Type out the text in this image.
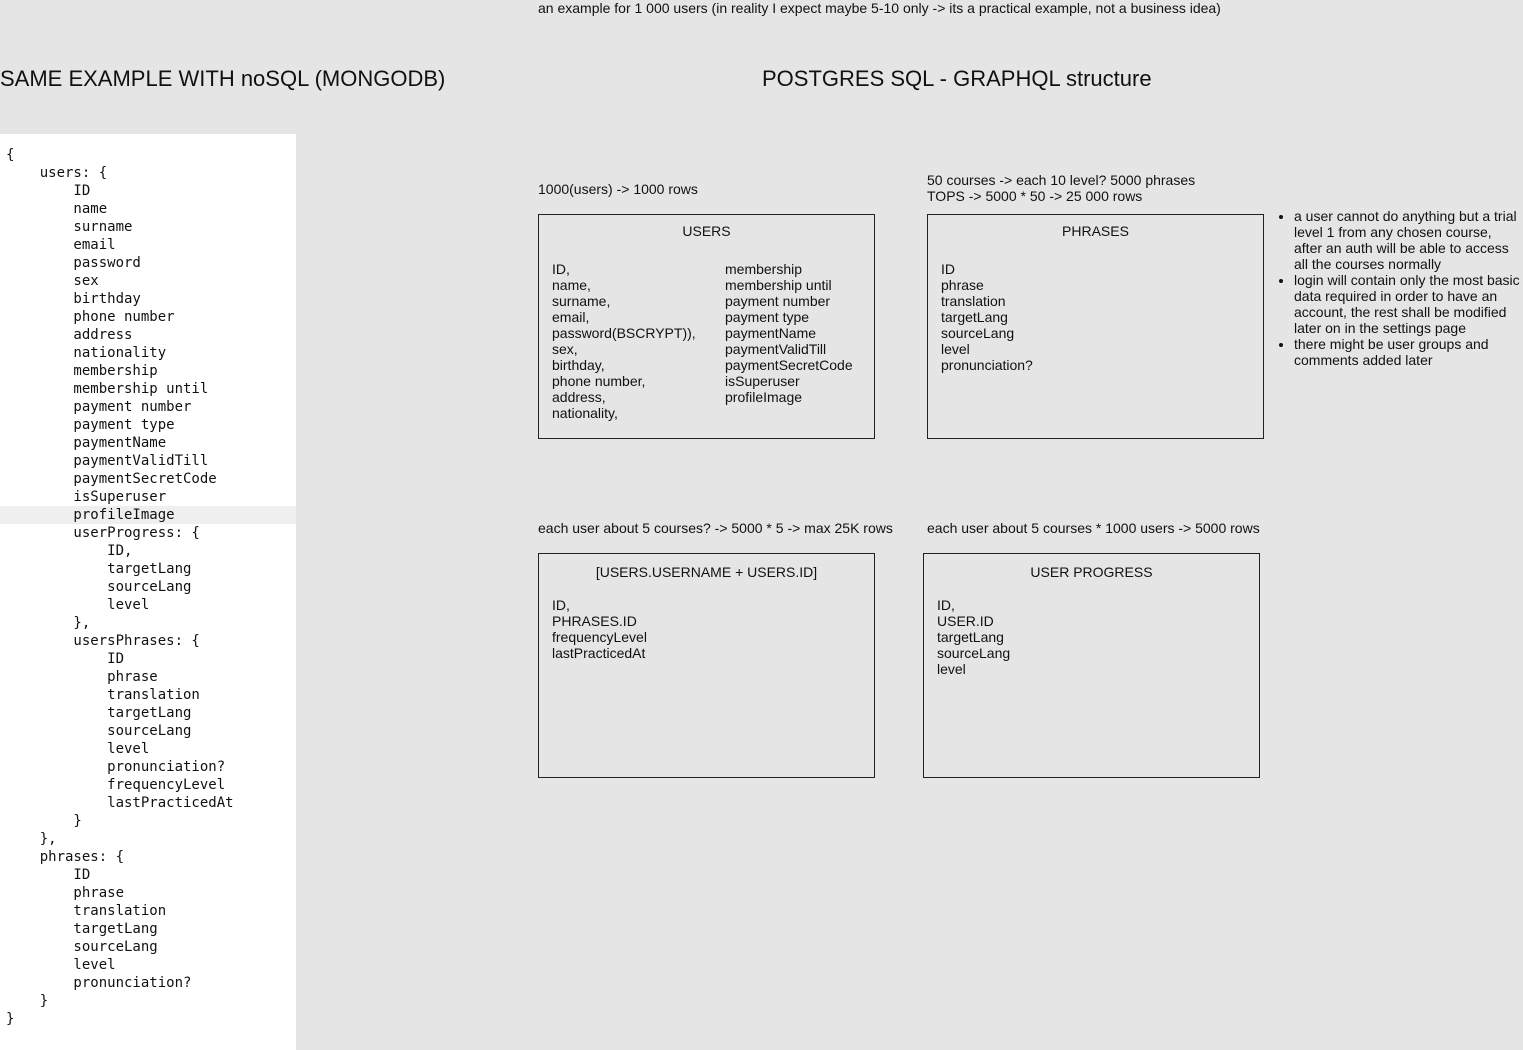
an example for 1 000 users (in reality I expect maybe 5-10 only -> its a practical example, not a business idea)
SAME EXAMPLE WITH noSQL (MONGODB)	POSTGRES SQL - GRAPHQL structure
{
users: {
ID
name
surname
email
password
sex
birthday
phone number
address
nationality
membership
membership until
payment number
payment type
paymentName
paymentValidTill
paymentSecretCode
isSuperuser
profileImage
userProgress: {
ID,
targetLang
sourceLang
level
},
usersPhrases: {
ID
phrase
translation
targetLang
sourceLang
level
pronunciation?
frequencyLevel
lastPracticedAt
}
},
phrases: {
ID
phrase
translation
targetLang
sourceLang
level
pronunciation?
}
}
1000(users) -> 1000 rows
USERS
ID,
name,
surname,
email,
password(BSCRYPT)),
sex,
birthday,
phone number,
address,
nationality,
membership
membership until
payment number
payment type
paymentName
paymentValidTill
paymentSecretCode
isSuperuser
profileImage
50 courses -> each 10 level? 5000 phrases
TOPS -> 5000 * 50 -> 25 000 rows
PHRASES
ID
phrase
translation
targetLang
sourceLang
level
pronunciation?
• a user cannot do anything but a trial level 1 from any chosen course, after an auth will be able to access all the courses normally
• login will contain only the most basic data required in order to have an account, the rest shall be modified later on in the settings page
• there might be user groups and comments added later
each user about 5 courses? -> 5000 * 5 -> max 25K rows
[USERS.USERNAME + USERS.ID]
ID,
PHRASES.ID
frequencyLevel
lastPracticedAt
each user about 5 courses * 1000 users -> 5000 rows
USER PROGRESS
ID,
USER.ID
targetLang
sourceLang
level
